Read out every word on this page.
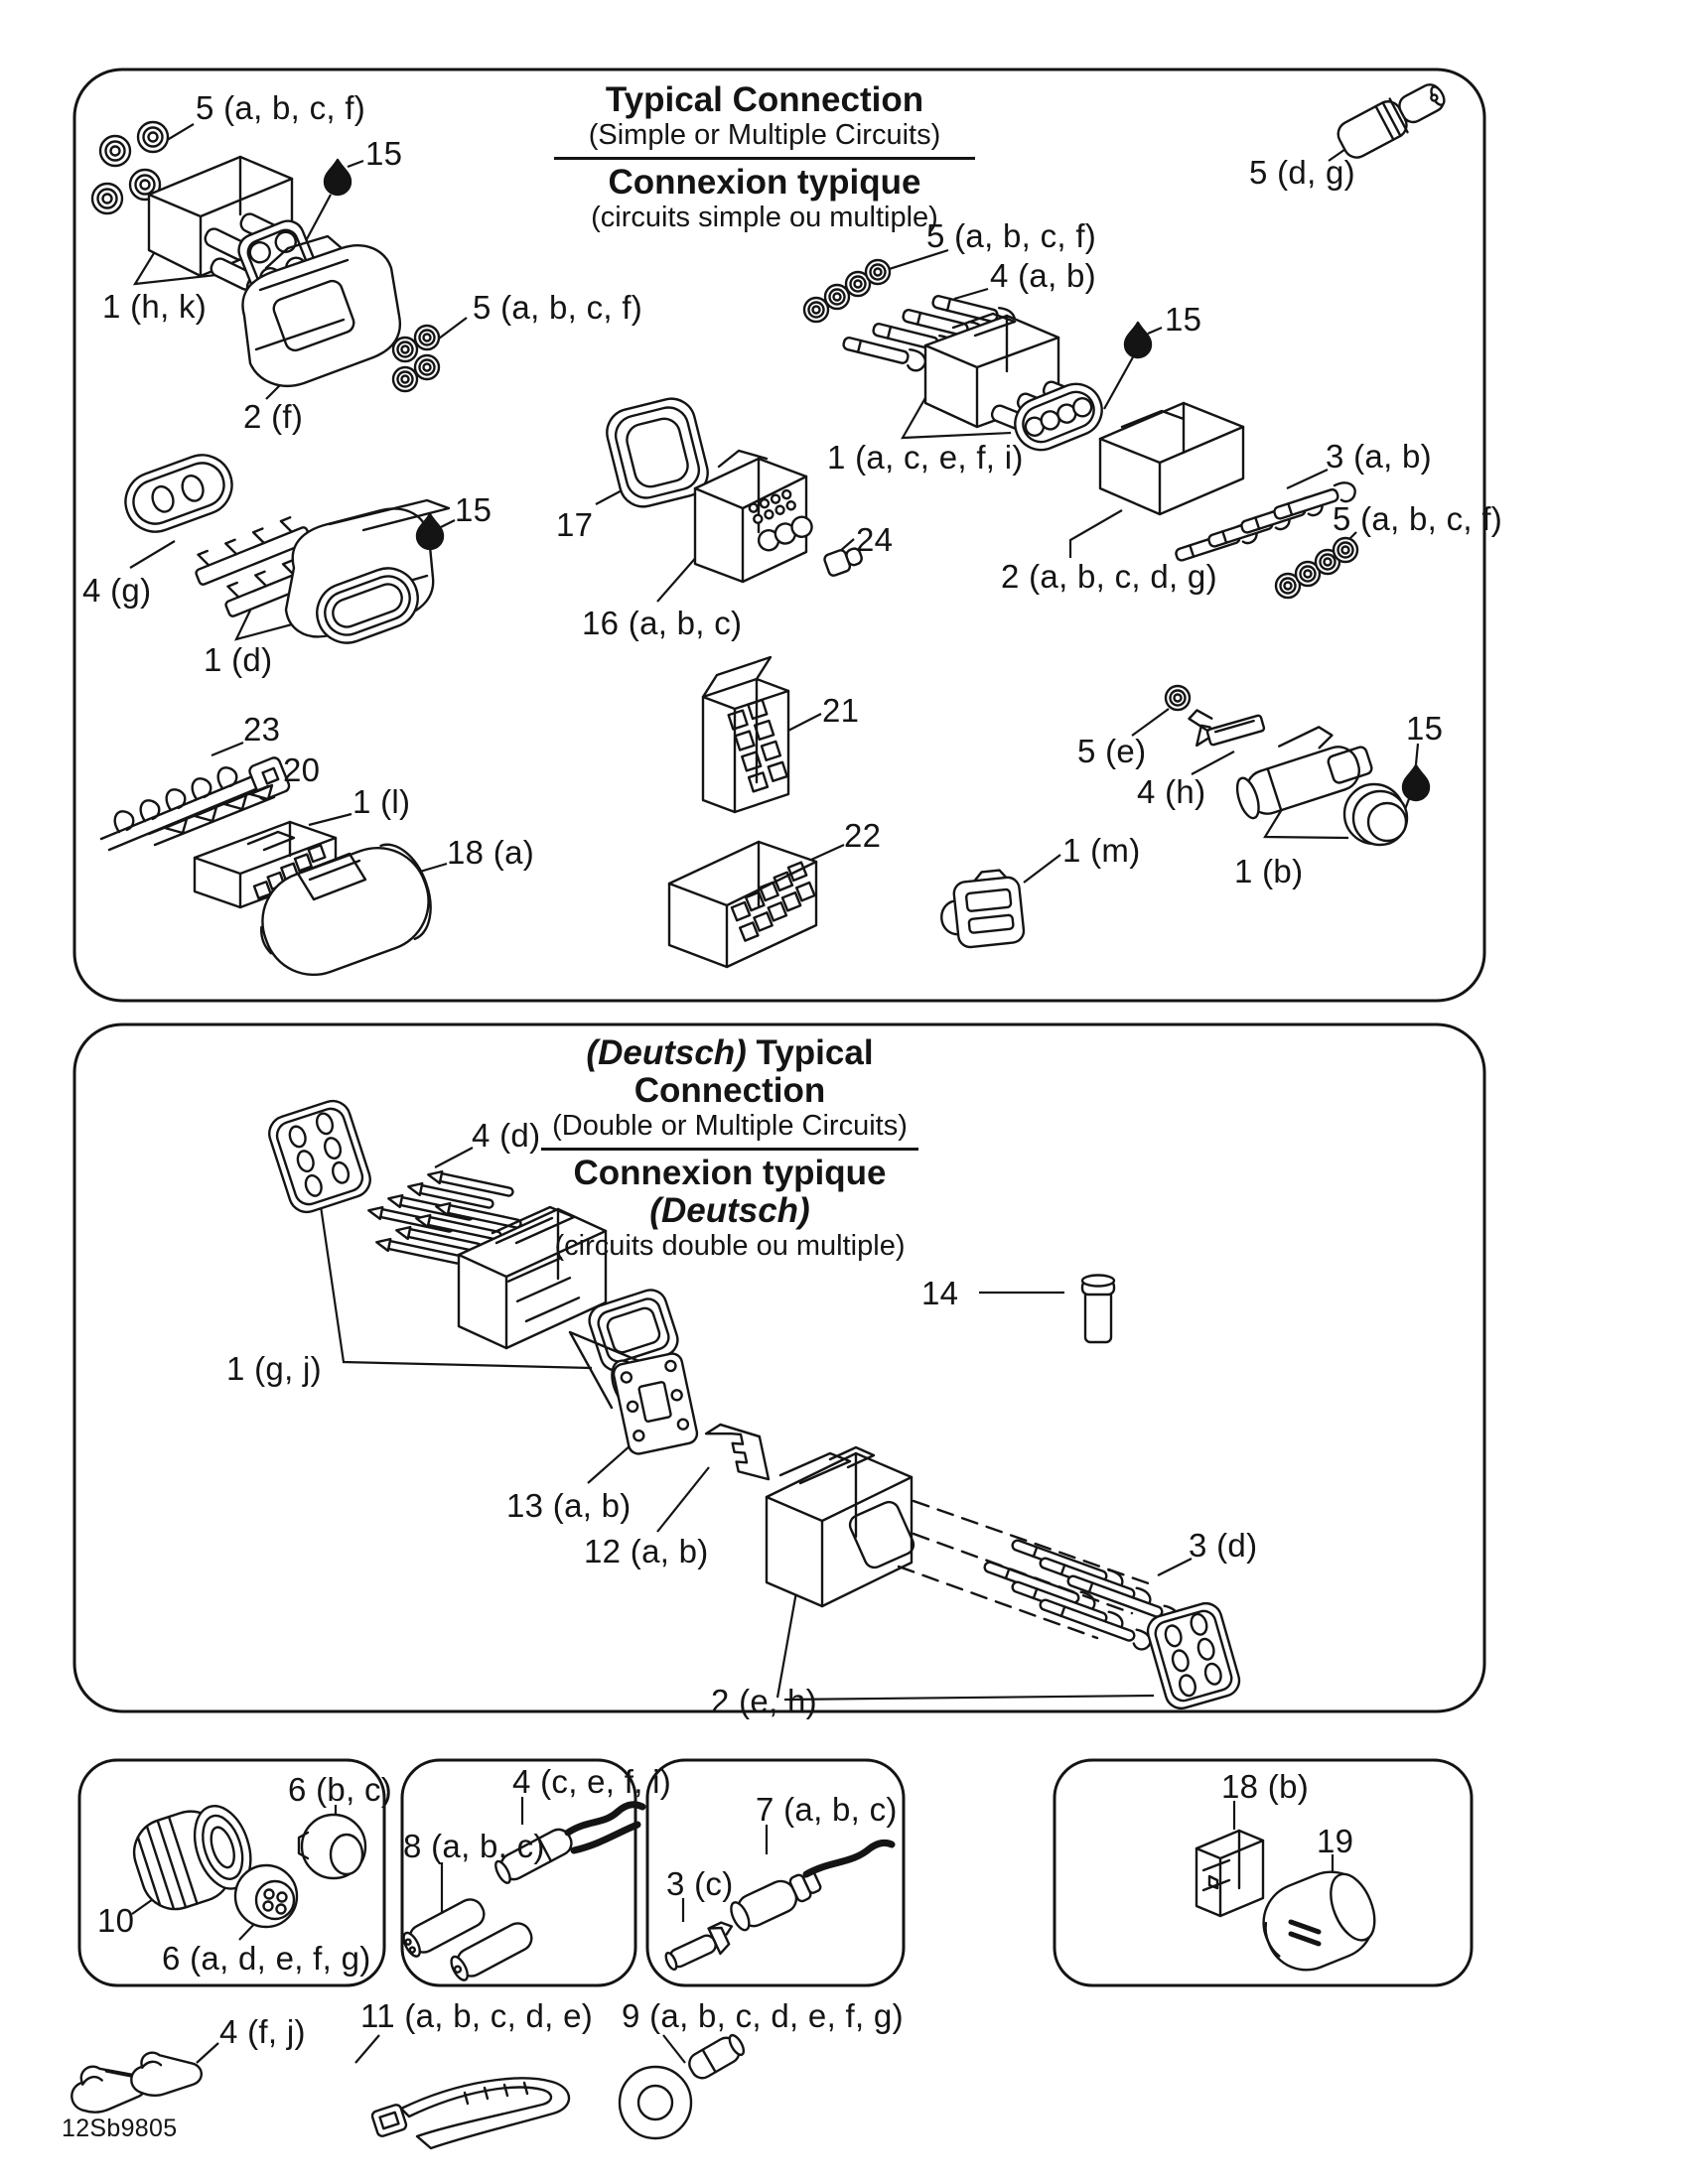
Typical Connection
(Simple or Multiple Circuits)
Connexion typique
(circuits simple ou multiple)
(Deutsch) Typical Connection
(Double or Multiple Circuits)
Connexion typique (Deutsch)
(circuits double ou multiple)
5 (a, b, c, f)
15
1 (h, k)
2 (f)
5 (a, b, c, f)
5 (d, g)
5 (a, b, c, f)
4 (a, b)
15
1 (a, c, e, f, i)	3 (a, b)
5 (a, b, c, f)
2 (a, b, c, d, g)
4 (g)
15
1 (d)
17
16 (a, b, c)
24
23
20
1 (l)
18 (a)
21
22	1 (m)
5 (e)
4 (h)
15
1 (b)
4 (d)
1 (g, j)
13 (a, b)
12 (a, b)
14
3 (d)
2 (e, h)
6 (b, c)
10
6 (a, d, e, f, g)
4 (c, e, f, i)
8 (a, b, c)
7 (a, b, c)
3 (c)
18 (b)
19
4 (f, j) 11 (a, b, c, d, e) 9 (a, b, c, d, e, f, g)
12Sb9805
